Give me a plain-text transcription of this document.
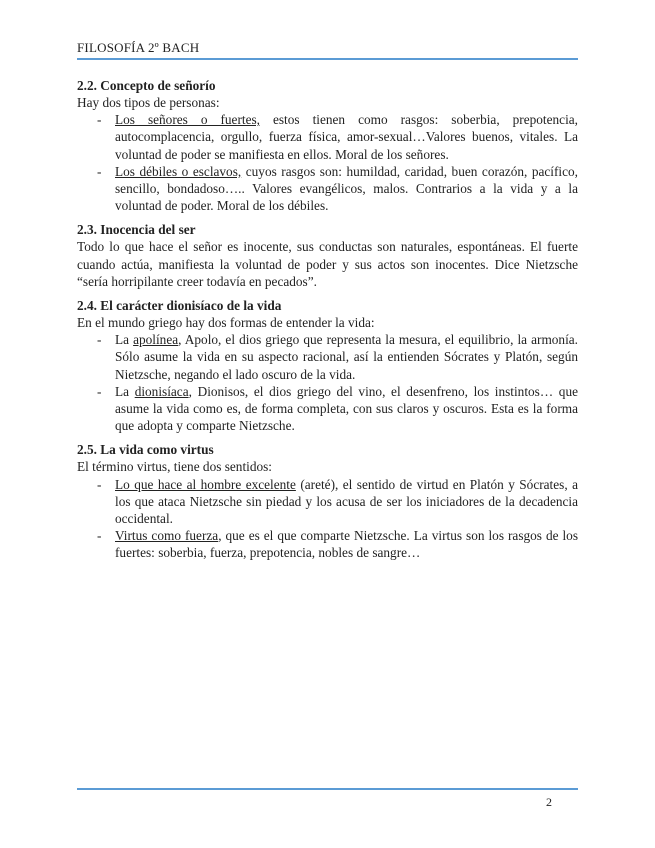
FILOSOFÍA 2º BACH
2.2. Concepto de señorío

Hay dos tipos de personas:

- Los señores o fuertes, estos tienen como rasgos: soberbia, prepotencia, autocomplacencia, orgullo, fuerza física, amor-sexual…Valores buenos, vitales. La voluntad de poder se manifiesta en ellos. Moral de los señores.
- Los débiles o esclavos, cuyos rasgos son: humildad, caridad, buen corazón, pacífico, sencillo, bondadoso….. Valores evangélicos, malos. Contrarios a la vida y a la voluntad de poder. Moral de los débiles.
2.3. Inocencia del ser

Todo lo que hace el señor es inocente, sus conductas son naturales, espontáneas. El fuerte cuando actúa, manifiesta la voluntad de poder y sus actos son inocentes. Dice Nietzsche “sería horripilante creer todavía en pecados”.

2.4. El carácter dionisíaco de la vida

En el mundo griego hay dos formas de entender la vida:

- La apolínea, Apolo, el dios griego que representa la mesura, el equilibrio, la armonía. Sólo asume la vida en su aspecto racional, así la entienden Sócrates y Platón, según Nietzsche, negando el lado oscuro de la vida.
- La dionisíaca, Dionisos, el dios griego del vino, el desenfreno, los instintos… que asume la vida como es, de forma completa, con sus claros y oscuros. Esta es la forma que adopta y comparte Nietzsche.
2.5. La vida como virtus

El término virtus, tiene dos sentidos:

- Lo que hace al hombre excelente (areté), el sentido de virtud en Platón y Sócrates, a los que ataca Nietzsche sin piedad y los acusa de ser los iniciadores de la decadencia occidental.
- Virtus como fuerza, que es el que comparte Nietzsche. La virtus son los rasgos de los fuertes: soberbia, fuerza, prepotencia, nobles de sangre…
2
